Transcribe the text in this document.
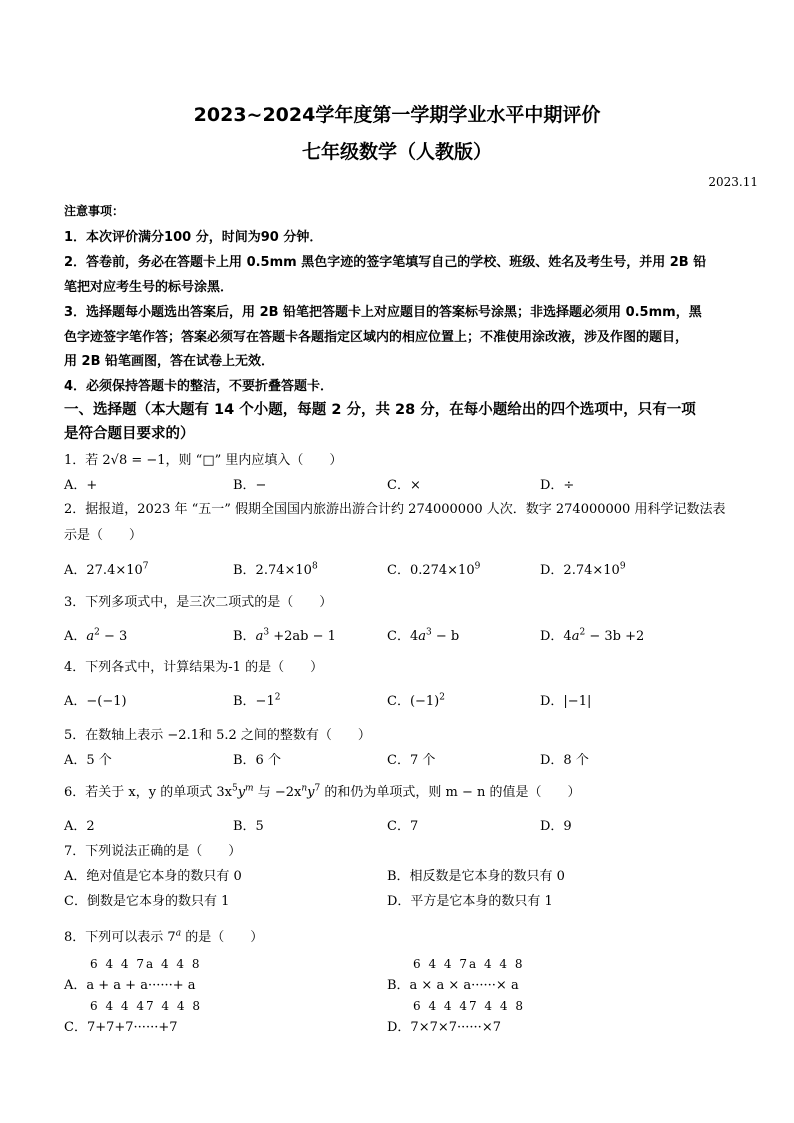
2023~2024学年度第一学期学业水平中期评价
七年级数学（人教版）
2023.11
注意事项：
1．本次评价满分100 分，时间为90 分钟．
2．答卷前，务必在答题卡上用 0.5mm 黑色字迹的签字笔填写自己的学校、班级、姓名及考生号，并用 2B 铅
笔把对应考生号的标号涂黑．
3．选择题每小题选出答案后，用 2B 铅笔把答题卡上对应题目的答案标号涂黑；非选择题必须用 0.5mm，黑
色字迹签字笔作答；答案必须写在答题卡各题指定区域内的相应位置上；不准使用涂改液，涉及作图的题目，
用 2B 铅笔画图，答在试卷上无效．
4．必须保持答题卡的整洁，不要折叠答题卡．
一、选择题（本大题有 14 个小题，每题 2 分，共 28 分，在每小题给出的四个选项中，只有一项
是符合题目要求的）
1．若 2√8 = −1，则 “□” 里内应填入（　　）
A．+	B．−	C．×	D．÷
2．据报道，2023 年 “五一” 假期全国国内旅游出游合计约 274000000 人次．数字 274000000 用科学记数法表
示是（　　）
A．$27.4\times 10^7$	B．$2.74\times 10^8$	C．$0.274\times 10^9$	D．$2.74\times 10^9$
3．下列多项式中，是三次二项式的是（　　）
A．$a^2 - 3$	B．$a^3 +2ab - 1$	C．$4a^3 - b$	D．$4a^2 - 3b +2$
4．下列各式中，计算结果为-1 的是（　　）
A．−(−1)	B．$-1^2$	C．$(-1)^2$	D．|−1|
5．在数轴上表示 −2.1和 5.2 之间的整数有（　　）
A．5 个	B．6 个	C．7 个	D．8 个
6．若关于 x，y 的单项式 $3x^5y^m$ 与 $-2x^ny^7$ 的和仍为单项式，则 m − n 的值是（　　）
A．2	B．5	C．7	D．9
7．下列说法正确的是（　　）
A．绝对值是它本身的数只有 0	B．相反数是它本身的数只有 0
C．倒数是它本身的数只有 1	D．平方是它本身的数只有 1
8．下列可以表示 7$^a$ 的是（　　）
6 4 4 7a 4 4 8	6 4 4 7a 4 4 8
A．a + a + a······+ a	B．a × a × a······× a
6 4 4 47 4 4 8	6 4 4 47 4 4 8
C．7+7+7······+7	D．7×7×7······×7
